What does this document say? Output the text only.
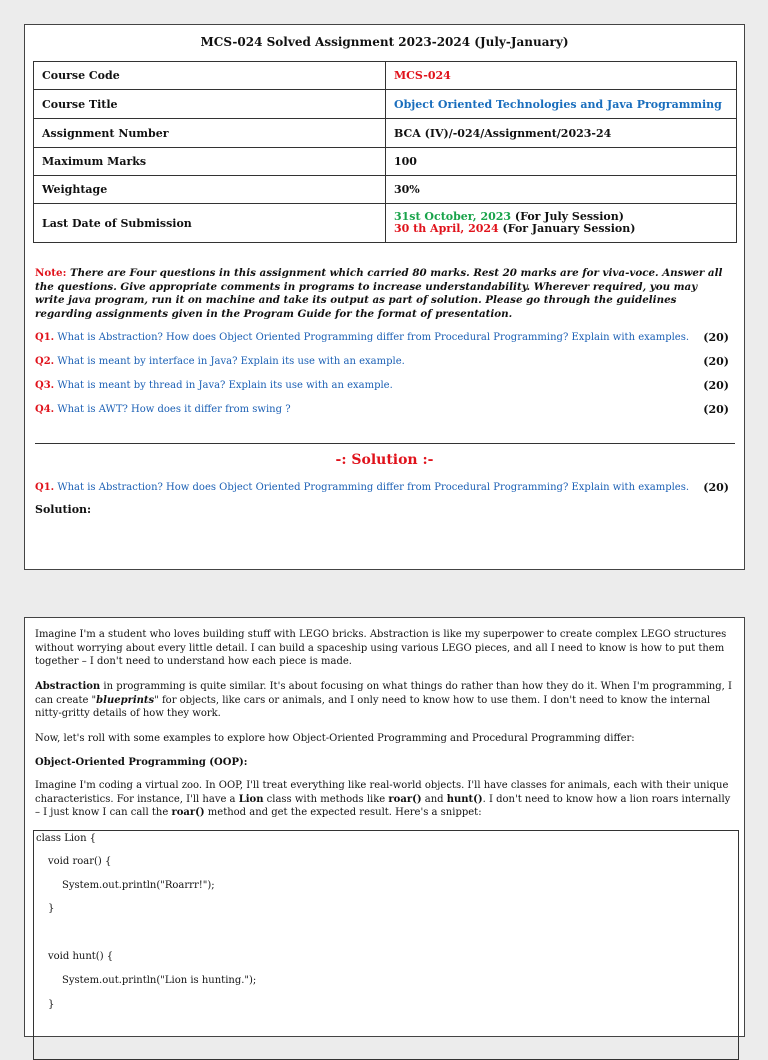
MCS-024 Solved Assignment 2023-2024 (July-January)
Course Code	MCS-024
Course Title	Object Oriented Technologies and Java Programming
Assignment Number	BCA (IV)/-024/Assignment/2023-24
Maximum Marks	100
Weightage	30%
Last Date of Submission	31st October, 2023 (For July Session)
30 th April, 2024 (For January Session)
Note: There are Four questions in this assignment which carried 80 marks. Rest 20 marks are for viva-voce. Answer all the questions. Give appropriate comments in programs to increase understandability. Wherever required, you may write java program, run it on machine and take its output as part of solution. Please go through the guidelines regarding assignments given in the Program Guide for the format of presentation.
Q1. What is Abstraction? How does Object Oriented Programming differ from Procedural Programming? Explain with examples. (20)
Q2. What is meant by interface in Java? Explain its use with an example.	(20)
Q3. What is meant by thread in Java? Explain its use with an example.	(20)
Q4. What is AWT? How does it differ from swing ?	(20)
-: Solution :-
Q1. What is Abstraction? How does Object Oriented Programming differ from Procedural Programming? Explain with examples. (20)
Solution:
Imagine I'm a student who loves building stuff with LEGO bricks. Abstraction is like my superpower to create complex LEGO structures without worrying about every little detail. I can build a spaceship using various LEGO pieces, and all I need to know is how to put them together – I don't need to understand how each piece is made.
Abstraction in programming is quite similar. It's about focusing on what things do rather than how they do it. When I'm programming, I can create "blueprints" for objects, like cars or animals, and I only need to know how to use them. I don't need to know the internal nitty-gritty details of how they work.
Now, let's roll with some examples to explore how Object-Oriented Programming and Procedural Programming differ:
Object-Oriented Programming (OOP):
Imagine I'm coding a virtual zoo. In OOP, I'll treat everything like real-world objects. I'll have classes for animals, each with their unique characteristics. For instance, I'll have a Lion class with methods like roar() and hunt(). I don't need to know how a lion roars internally – I just know I can call the roar() method and get the expected result. Here's a snippet:
class Lion {
void roar() {
System.out.println("Roarrr!");
}
void hunt() {
System.out.println("Lion is hunting.");
}
